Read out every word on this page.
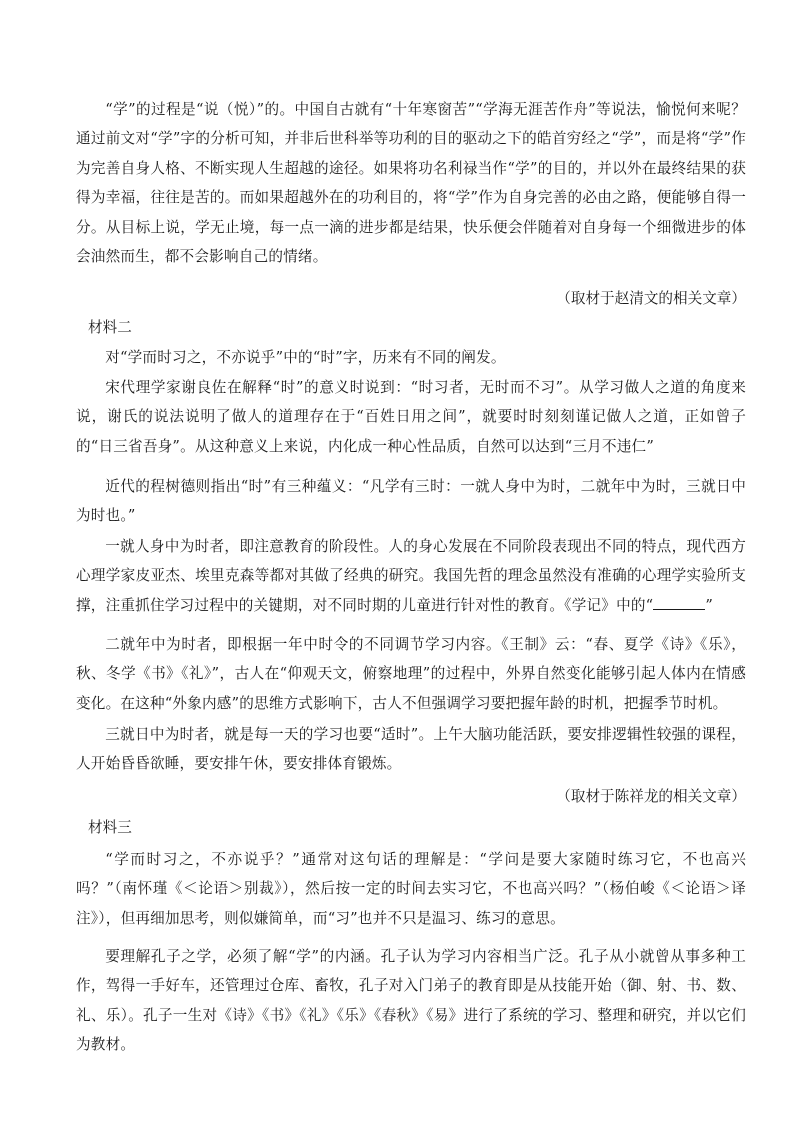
“学”的过程是“说（悦）”的。中国自古就有“十年寒窗苦”“学海无涯苦作舟”等说法，愉悦何来呢？通过前文对“学”字的分析可知，并非后世科举等功利的目的驱动之下的皓首穷经之“学”，而是将“学”作为完善自身人格、不断实现人生超越的途径。如果将功名利禄当作“学”的目的，并以外在最终结果的获得为幸福，往往是苦的。而如果超越外在的功利目的，将“学”作为自身完善的必由之路，便能够自得一分。从目标上说，学无止境，每一点一滴的进步都是结果，快乐便会伴随着对自身每一个细微进步的体会油然而生，都不会影响自己的情绪。

（取材于赵清文的相关文章）

材料二

对“学而时习之，不亦说乎”中的“时”字，历来有不同的阐发。

宋代理学家谢良佐在解释“时”的意义时说到：“时习者，无时而不习”。从学习做人之道的角度来说，谢氏的说法说明了做人的道理存在于“百姓日用之间”，就要时时刻刻谨记做人之道，正如曾子的“日三省吾身”。从这种意义上来说，内化成一种心性品质，自然可以达到“三月不违仁”

近代的程树德则指出“时”有三种蕴义：“凡学有三时：一就人身中为时，二就年中为时，三就日中为时也。”

一就人身中为时者，即注意教育的阶段性。人的身心发展在不同阶段表现出不同的特点，现代西方心理学家皮亚杰、埃里克森等都对其做了经典的研究。我国先哲的理念虽然没有准确的心理学实验所支撑，注重抓住学习过程中的关键期，对不同时期的儿童进行针对性的教育。《学记》中的“	”

二就年中为时者，即根据一年中时令的不同调节学习内容。《王制》云：“春、夏学《诗》《乐》，秋、冬学《书》《礼》”，古人在“仰观天文，俯察地理”的过程中，外界自然变化能够引起人体内在情感变化。在这种“外象内感”的思维方式影响下，古人不但强调学习要把握年龄的时机，把握季节时机。

三就日中为时者，就是每一天的学习也要“适时”。上午大脑功能活跃，要安排逻辑性较强的课程，人开始昏昏欲睡，要安排午休，要安排体育锻炼。

（取材于陈祥龙的相关文章）

材料三

“学而时习之，不亦说乎？”通常对这句话的理解是：“学问是要大家随时练习它，不也高兴吗？”（南怀瑾《＜论语＞别裁》），然后按一定的时间去实习它，不也高兴吗？”（杨伯峻《＜论语＞译注》），但再细加思考，则似嫌简单，而“习”也并不只是温习、练习的意思。

要理解孔子之学，必须了解“学”的内涵。孔子认为学习内容相当广泛。孔子从小就曾从事多种工作，驾得一手好车，还管理过仓库、畜牧，孔子对入门弟子的教育即是从技能开始（御、射、书、数、礼、乐）。孔子一生对《诗》《书》《礼》《乐》《春秋》《易》进行了系统的学习、整理和研究，并以它们为教材。
